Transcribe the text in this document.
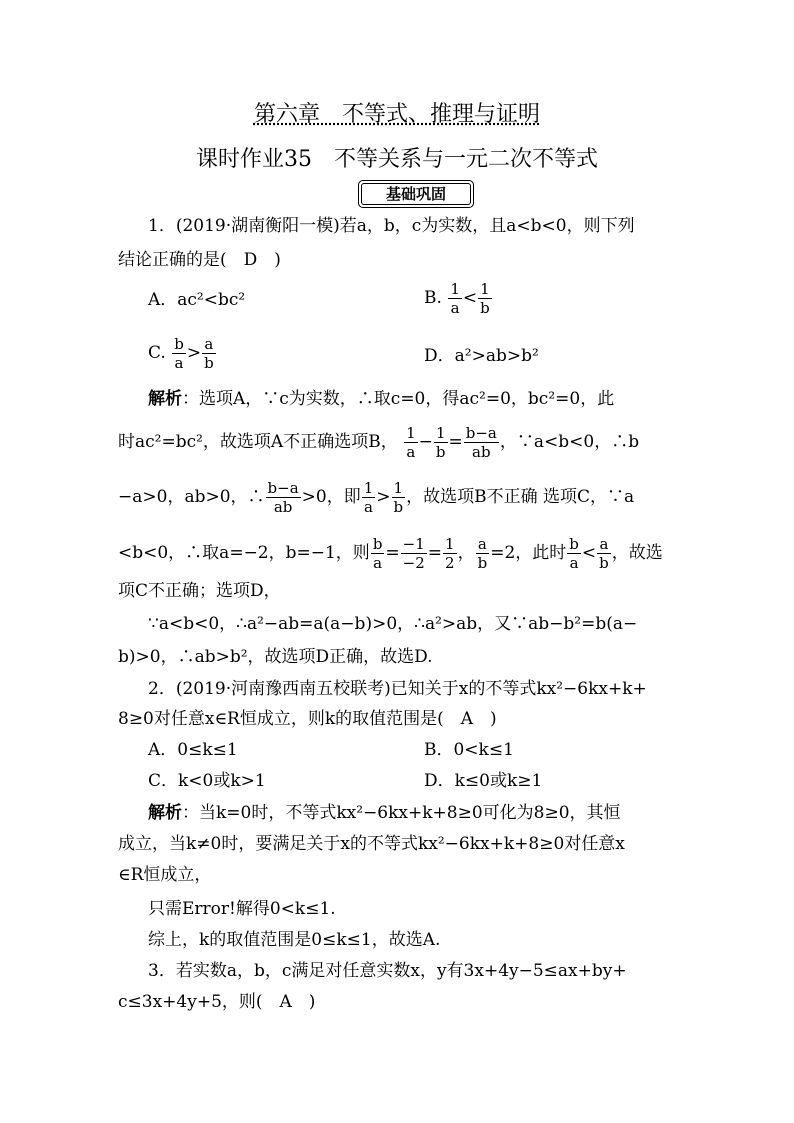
第六章　不等式、推理与证明
课时作业35　不等关系与一元二次不等式
基础巩固
1．(2019·湖南衡阳一模)若a，b，c为实数，且a<b<0，则下列
结论正确的是(　D　)
A．ac²<bc²	B. $\frac{1}{a} < \frac{1}{b}$
C. $\frac{b}{a} > \frac{a}{b}$	D．a²>ab>b²
解析：选项A，∵c为实数，∴取c=0，得ac²=0，bc²=0，此
时ac²=bc²，故选项A不正确选项B， $\frac{1}{a} - \frac{1}{b} = \frac{b-a}{ab}$ ，∵a<b<0，∴b
−a>0，ab>0，∴ $\frac{b-a}{ab} >0$，即 $\frac{1}{a} > \frac{1}{b}$ ，故选项B不正确 选项C，∵a
<b<0，∴取a=−2，b=−1，则 $\frac{b}{a} = \frac{-1}{-2} = \frac{1}{2}$ ， $\frac{a}{b} =2$，此时 $\frac{b}{a} < \frac{a}{b}$ ，故选
项C不正确；选项D，
∵a<b<0，∴a²−ab=a(a−b)>0，∴a²>ab，又∵ab−b²=b(a−
b)>0，∴ab>b²，故选项D正确，故选D.
2．(2019·河南豫西南五校联考)已知关于x的不等式kx²−6kx+k+
8≥0对任意x∈R恒成立，则k的取值范围是(　A　)
A．0≤k≤1	B．0<k≤1
C．k<0或k>1	D．k≤0或k≥1
解析：当k=0时，不等式kx²−6kx+k+8≥0可化为8≥0，其恒
成立，当k≠0时，要满足关于x的不等式kx²−6kx+k+8≥0对任意x
∈R恒成立，
只需Error!解得0<k≤1.
综上，k的取值范围是0≤k≤1，故选A.
3．若实数a，b，c满足对任意实数x，y有3x+4y−5≤ax+by+
c≤3x+4y+5，则(　A　)
